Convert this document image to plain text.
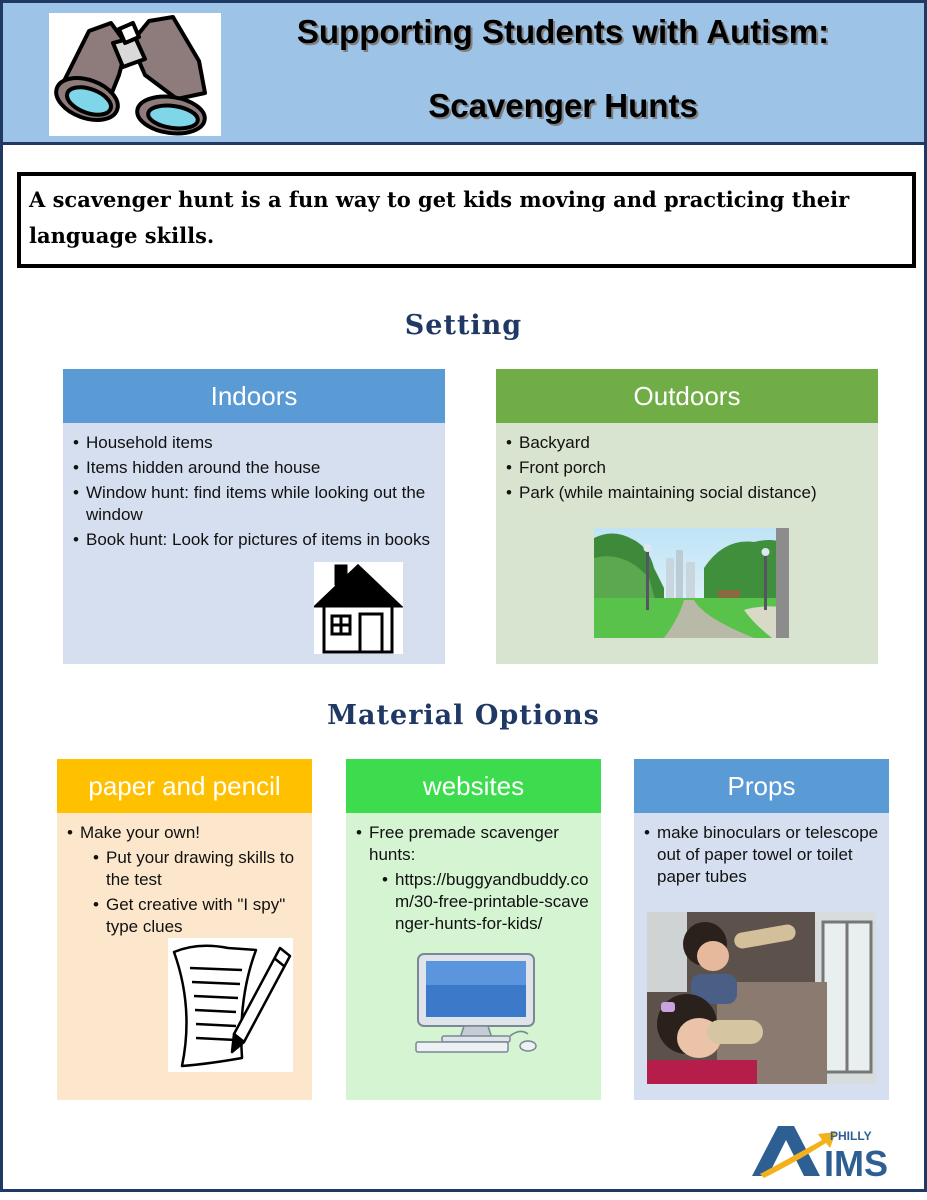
Supporting Students with Autism:
Scavenger Hunts
A scavenger hunt is a fun way to get kids moving and practicing their language skills.
Setting
Indoors
• Household items
• Items hidden around the house
• Window hunt: find items while looking out the window
• Book hunt: Look for pictures of items in books
Outdoors
• Backyard
• Front porch
• Park (while maintaining social distance)
Material Options
paper and pencil
• Make your own!
• Put your drawing skills to the test
• Get creative with "I spy" type clues
websites
• Free premade scavenger hunts:
• https://buggyandbuddy.com/30-free-printable-scavenger-hunts-for-kids/
Props
• make binoculars or telescope out of paper towel or toilet paper tubes
PHILLY
IMS
